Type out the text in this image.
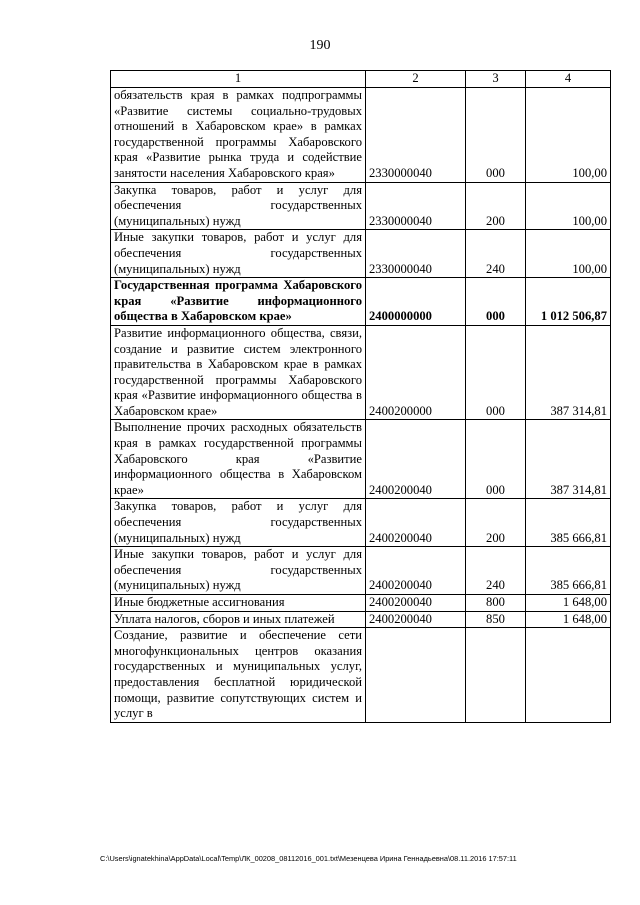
190
1	2	3	4
обязательств края в рамках подпрограммы «Развитие системы социально-трудовых отношений в Хабаровском крае» в рамках государственной программы Хабаровского края «Развитие рынка труда и содействие занятости населения Хабаровского края»	2330000040	000	100,00
Закупка товаров, работ и услуг для обеспечения государственных (муниципальных) нужд	2330000040	200	100,00
Иные закупки товаров, работ и услуг для обеспечения государственных (муниципальных) нужд	2330000040	240	100,00
Государственная программа Хабаровского края «Развитие информационного общества в Хабаровском крае»	2400000000	000	1 012 506,87
Развитие информационного общества, связи, создание и развитие систем электронного правительства в Хабаровском крае в рамках государственной программы Хабаровского края «Развитие информационного общества в Хабаровском крае»	2400200000	000	387 314,81
Выполнение прочих расходных обязательств края в рамках государственной программы Хабаровского края «Развитие информационного общества в Хабаровском крае»	2400200040	000	387 314,81
Закупка товаров, работ и услуг для обеспечения государственных (муниципальных) нужд	2400200040	200	385 666,81
Иные закупки товаров, работ и услуг для обеспечения государственных (муниципальных) нужд	2400200040	240	385 666,81
Иные бюджетные ассигнования	2400200040	800	1 648,00
Уплата налогов, сборов и иных платежей	2400200040	850	1 648,00
Создание, развитие и обеспечение сети многофункциональных центров оказания государственных и муниципальных услуг, предоставления бесплатной юридической помощи, развитие сопутствующих систем и услуг в			
C:\Users\ignatekhina\AppData\Local\Temp\ЛК_00208_08112016_001.txt\Мезенцева Ирина Геннадьевна\08.11.2016 17:57:11
